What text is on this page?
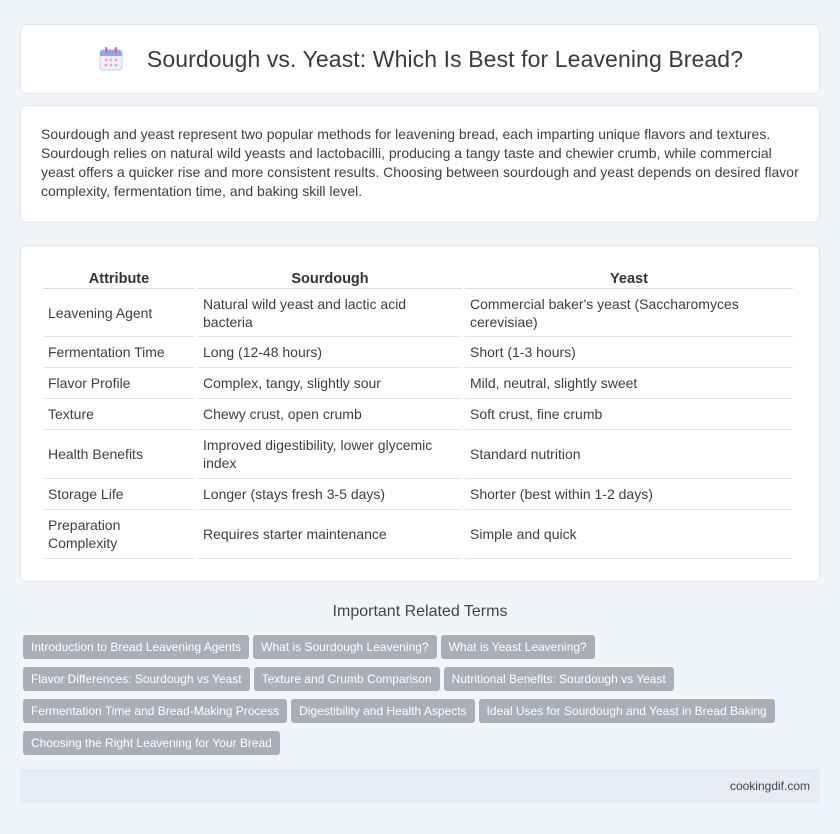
Sourdough vs. Yeast: Which Is Best for Leavening Bread?

Sourdough and yeast represent two popular methods for leavening bread, each imparting unique flavors and textures. Sourdough relies on natural wild yeasts and lactobacilli, producing a tangy taste and chewier crumb, while commercial yeast offers a quicker rise and more consistent results. Choosing between sourdough and yeast depends on desired flavor complexity, fermentation time, and baking skill level.

Attribute	Sourdough	Yeast
Leavening Agent	Natural wild yeast and lactic acid bacteria	Commercial baker's yeast (Saccharomyces cerevisiae)
Fermentation Time	Long (12-48 hours)	Short (1-3 hours)
Flavor Profile	Complex, tangy, slightly sour	Mild, neutral, slightly sweet
Texture	Chewy crust, open crumb	Soft crust, fine crumb
Health Benefits	Improved digestibility, lower glycemic index	Standard nutrition
Storage Life	Longer (stays fresh 3-5 days)	Shorter (best within 1-2 days)
Preparation Complexity	Requires starter maintenance	Simple and quick
Important Related Terms
Introduction to Bread Leavening Agents What is Sourdough Leavening? What is Yeast Leavening?
Flavor Differences: Sourdough vs Yeast Texture and Crumb Comparison Nutritional Benefits: Sourdough vs Yeast
Fermentation Time and Bread-Making Process Digestibility and Health Aspects Ideal Uses for Sourdough and Yeast in Bread Baking
Choosing the Right Leavening for Your Bread
cookingdif.com
